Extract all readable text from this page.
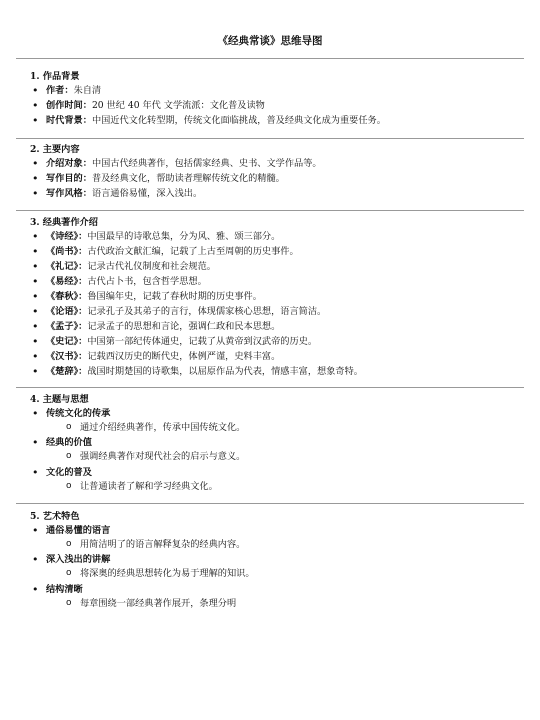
《经典常谈》思维导图
1. 作品背景
• 作者：朱自清
• 创作时间：20 世纪 40 年代 文学流派：文化普及读物
• 时代背景：中国近代文化转型期，传统文化面临挑战，普及经典文化成为重要任务。
2. 主要内容
• 介绍对象：中国古代经典著作，包括儒家经典、史书、文学作品等。
• 写作目的：普及经典文化，帮助读者理解传统文化的精髓。
• 写作风格：语言通俗易懂，深入浅出。
3. 经典著作介绍
• 《诗经》：中国最早的诗歌总集，分为风、雅、颂三部分。
• 《尚书》：古代政治文献汇编，记载了上古至周朝的历史事件。
• 《礼记》：记录古代礼仪制度和社会规范。
• 《易经》：古代占卜书，包含哲学思想。
• 《春秋》：鲁国编年史，记载了春秋时期的历史事件。
• 《论语》：记录孔子及其弟子的言行，体现儒家核心思想，语言简洁。
• 《孟子》：记录孟子的思想和言论，强调仁政和民本思想。
• 《史记》：中国第一部纪传体通史，记载了从黄帝到汉武帝的历史。
• 《汉书》：记载西汉历史的断代史，体例严谨，史料丰富。
• 《楚辞》：战国时期楚国的诗歌集，以屈原作品为代表，情感丰富，想象奇特。
4. 主题与思想
• 传统文化的传承
o 通过介绍经典著作，传承中国传统文化。
• 经典的价值
o 强调经典著作对现代社会的启示与意义。
• 文化的普及
o 让普通读者了解和学习经典文化。
5. 艺术特色
• 通俗易懂的语言
o 用简洁明了的语言解释复杂的经典内容。
• 深入浅出的讲解
o 将深奥的经典思想转化为易于理解的知识。
• 结构清晰
o 每章围绕一部经典著作展开，条理分明
